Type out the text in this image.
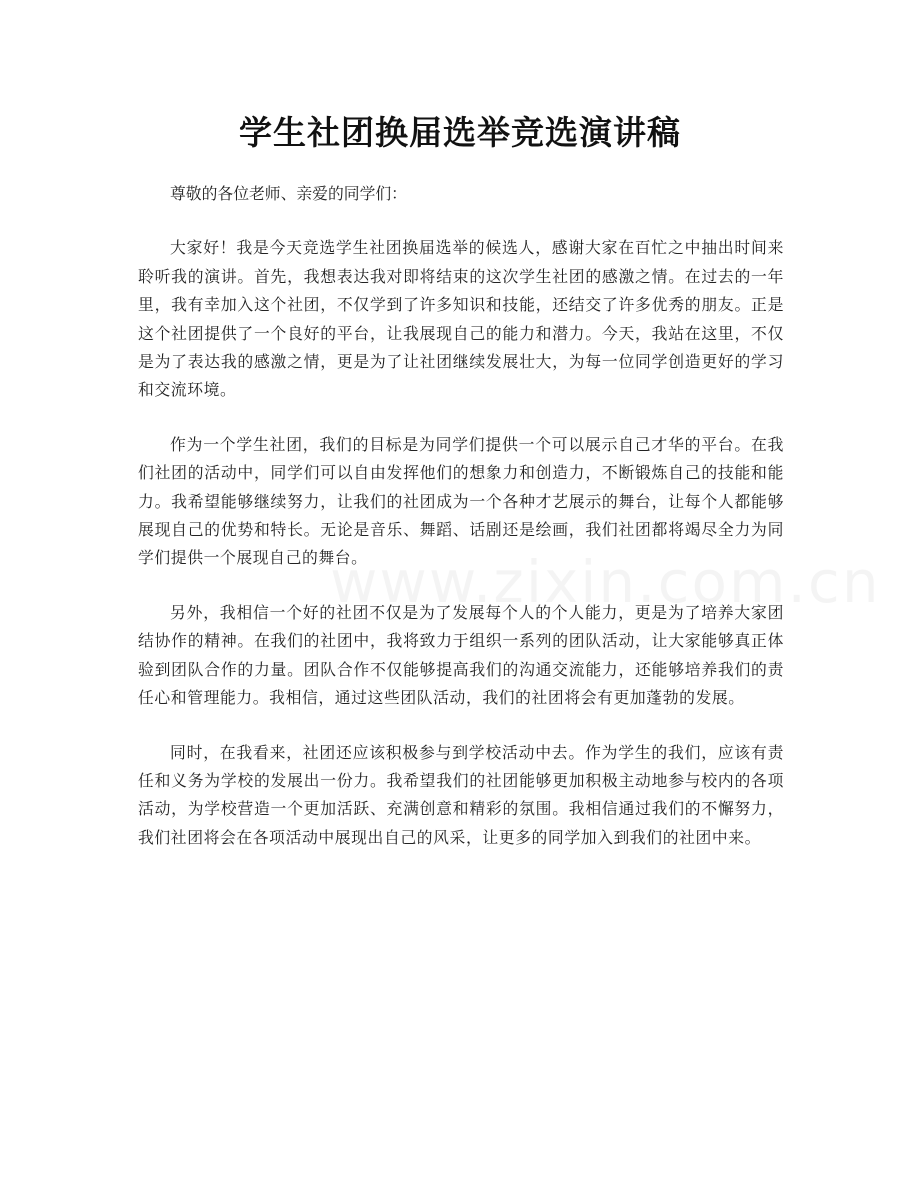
学生社团换届选举竞选演讲稿

尊敬的各位老师、亲爱的同学们：

大家好！我是今天竞选学生社团换届选举的候选人，感谢大家在百忙之中抽出时间来聆听我的演讲。首先，我想表达我对即将结束的这次学生社团的感激之情。在过去的一年里，我有幸加入这个社团，不仅学到了许多知识和技能，还结交了许多优秀的朋友。正是这个社团提供了一个良好的平台，让我展现自己的能力和潜力。今天，我站在这里，不仅是为了表达我的感激之情，更是为了让社团继续发展壮大，为每一位同学创造更好的学习和交流环境。

作为一个学生社团，我们的目标是为同学们提供一个可以展示自己才华的平台。在我们社团的活动中，同学们可以自由发挥他们的想象力和创造力，不断锻炼自己的技能和能力。我希望能够继续努力，让我们的社团成为一个各种才艺展示的舞台，让每个人都能够展现自己的优势和特长。无论是音乐、舞蹈、话剧还是绘画，我们社团都将竭尽全力为同学们提供一个展现自己的舞台。

另外，我相信一个好的社团不仅是为了发展每个人的个人能力，更是为了培养大家团结协作的精神。在我们的社团中，我将致力于组织一系列的团队活动，让大家能够真正体验到团队合作的力量。团队合作不仅能够提高我们的沟通交流能力，还能够培养我们的责任心和管理能力。我相信，通过这些团队活动，我们的社团将会有更加蓬勃的发展。

同时，在我看来，社团还应该积极参与到学校活动中去。作为学生的我们，应该有责任和义务为学校的发展出一份力。我希望我们的社团能够更加积极主动地参与校内的各项活动，为学校营造一个更加活跃、充满创意和精彩的氛围。我相信通过我们的不懈努力，我们社团将会在各项活动中展现出自己的风采，让更多的同学加入到我们的社团中来。
